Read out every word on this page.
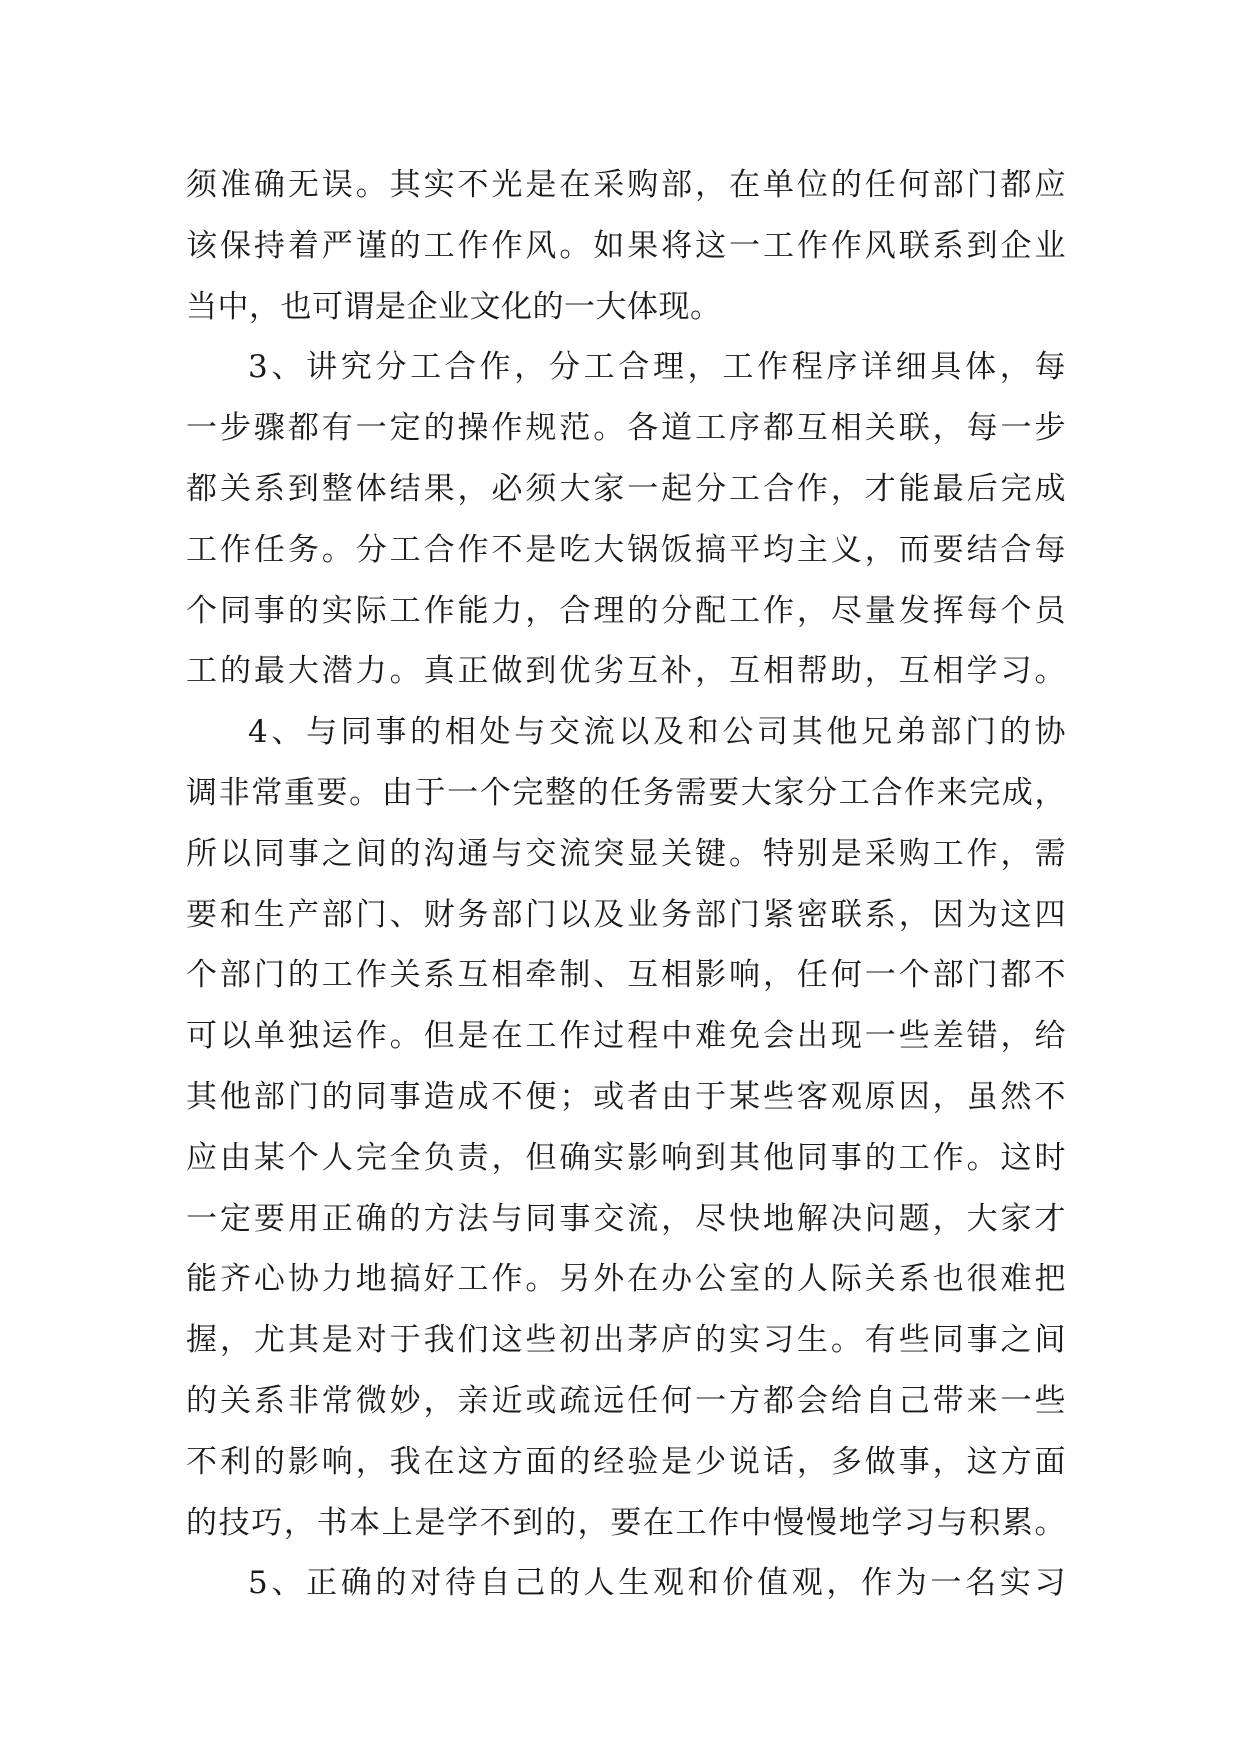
须准确无误。其实不光是在采购部，在单位的任何部门都应
该保持着严谨的工作作风。如果将这一工作作风联系到企业
当中，也可谓是企业文化的一大体现。
3、讲究分工合作，分工合理，工作程序详细具体，每
一步骤都有一定的操作规范。各道工序都互相关联，每一步
都关系到整体结果，必须大家一起分工合作，才能最后完成
工作任务。分工合作不是吃大锅饭搞平均主义，而要结合每
个同事的实际工作能力，合理的分配工作，尽量发挥每个员
工的最大潜力。真正做到优劣互补，互相帮助，互相学习。
4、与同事的相处与交流以及和公司其他兄弟部门的协
调非常重要。由于一个完整的任务需要大家分工合作来完成，
所以同事之间的沟通与交流突显关键。特别是采购工作，需
要和生产部门、财务部门以及业务部门紧密联系，因为这四
个部门的工作关系互相牵制、互相影响，任何一个部门都不
可以单独运作。但是在工作过程中难免会出现一些差错，给
其他部门的同事造成不便；或者由于某些客观原因，虽然不
应由某个人完全负责，但确实影响到其他同事的工作。这时
一定要用正确的方法与同事交流，尽快地解决问题，大家才
能齐心协力地搞好工作。另外在办公室的人际关系也很难把
握，尤其是对于我们这些初出茅庐的实习生。有些同事之间
的关系非常微妙，亲近或疏远任何一方都会给自己带来一些
不利的影响，我在这方面的经验是少说话，多做事，这方面
的技巧，书本上是学不到的，要在工作中慢慢地学习与积累。
5、正确的对待自己的人生观和价值观，作为一名实习
